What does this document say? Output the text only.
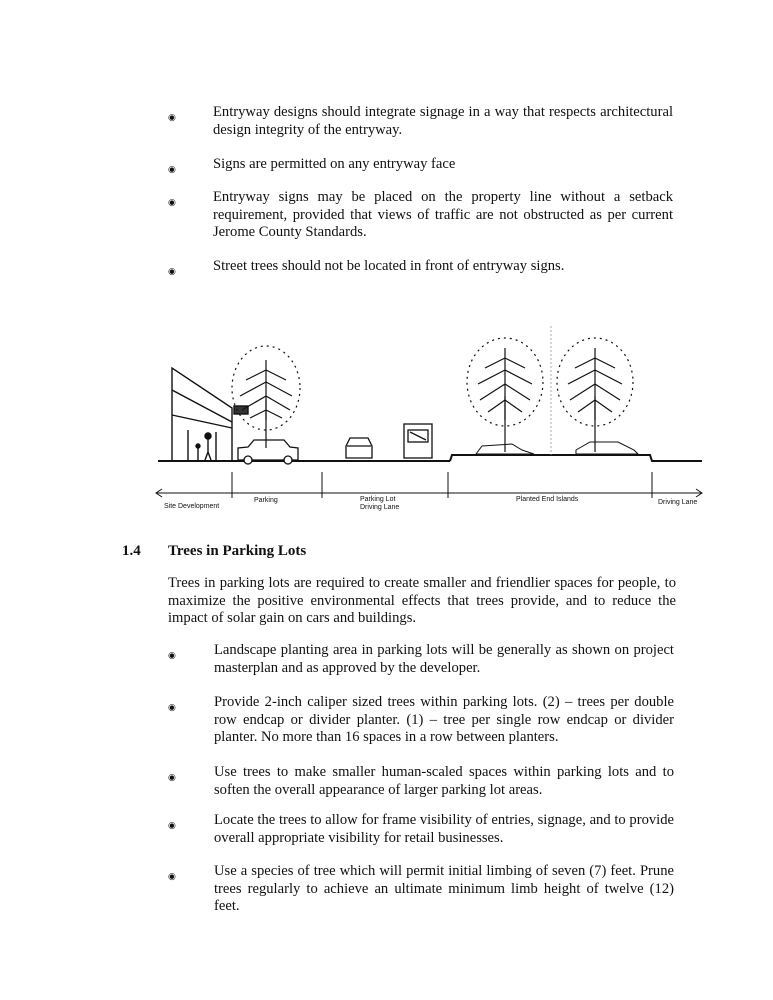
◉
Entryway designs should integrate signage in a way that respects architectural design integrity of the entryway.
◉
Signs are permitted on any entryway face
◉
Entryway signs may be placed on the property line without a setback requirement, provided that views of traffic are not obstructed as per current Jerome County Standards.
◉
Street trees should not be located in front of entryway signs.
Site Development
Parking	Parking Lot
Driving Lane
Planted End Islands	Driving Lane
1.4 Trees in Parking Lots
Trees in parking lots are required to create smaller and friendlier spaces for people, to maximize the positive environmental effects that trees provide, and to reduce the impact of solar gain on cars and buildings.
◉
Landscape planting area in parking lots will be generally as shown on project masterplan and as approved by the developer.
◉
Provide 2-inch caliper sized trees within parking lots. (2) – trees per double row endcap or divider planter. (1) – tree per single row endcap or divider planter. No more than 16 spaces in a row between planters.
◉
Use trees to make smaller human-scaled spaces within parking lots and to soften the overall appearance of larger parking lot areas.
◉
Locate the trees to allow for frame visibility of entries, signage, and to provide overall appropriate visibility for retail businesses.
◉
Use a species of tree which will permit initial limbing of seven (7) feet. Prune trees regularly to achieve an ultimate minimum limb height of twelve (12) feet.
